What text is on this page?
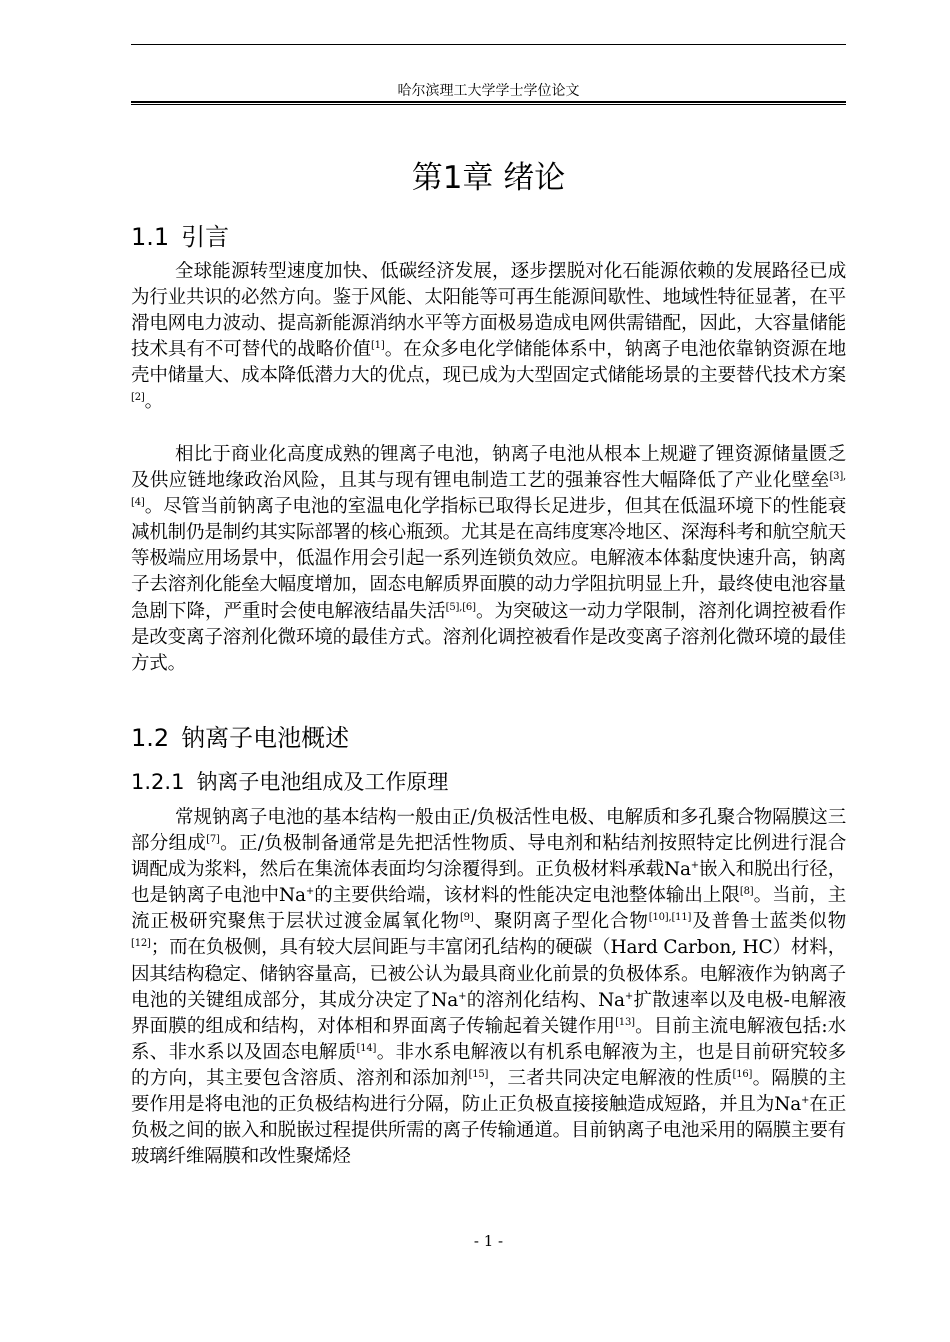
哈尔滨理工大学学士学位论文
第1章 绪论
1.1 引言

全球能源转型速度加快、低碳经济发展，逐步摆脱对化石能源依赖的发展路径已成为行业共识的必然方向。鉴于风能、太阳能等可再生能源间歇性、地域性特征显著，在平滑电网电力波动、提高新能源消纳水平等方面极易造成电网供需错配，因此，大容量储能技术具有不可替代的战略价值[1]。在众多电化学储能体系中，钠离子电池依靠钠资源在地壳中储量大、成本降低潜力大的优点，现已成为大型固定式储能场景的主要替代技术方案[2]。

相比于商业化高度成熟的锂离子电池，钠离子电池从根本上规避了锂资源储量匮乏及供应链地缘政治风险，且其与现有锂电制造工艺的强兼容性大幅降低了产业化壁垒[3],[4]。尽管当前钠离子电池的室温电化学指标已取得长足进步，但其在低温环境下的性能衰减机制仍是制约其实际部署的核心瓶颈。尤其是在高纬度寒冷地区、深海科考和航空航天等极端应用场景中，低温作用会引起一系列连锁负效应。电解液本体黏度快速升高，钠离子去溶剂化能垒大幅度增加，固态电解质界面膜的动力学阻抗明显上升，最终使电池容量急剧下降，严重时会使电解液结晶失活[5],[6]。为突破这一动力学限制，溶剂化调控被看作是改变离子溶剂化微环境的最佳方式。溶剂化调控被看作是改变离子溶剂化微环境的最佳方式。

1.2 钠离子电池概述
1.2.1 钠离子电池组成及工作原理

常规钠离子电池的基本结构一般由正/负极活性电极、电解质和多孔聚合物隔膜这三部分组成[7]。正/负极制备通常是先把活性物质、导电剂和粘结剂按照特定比例进行混合调配成为浆料，然后在集流体表面均匀涂覆得到。正负极材料承载Na+嵌入和脱出行径，也是钠离子电池中Na+的主要供给端，该材料的性能决定电池整体输出上限[8]。当前，主流正极研究聚焦于层状过渡金属氧化物[9]、聚阴离子型化合物[10],[11]及普鲁士蓝类似物[12]；而在负极侧，具有较大层间距与丰富闭孔结构的硬碳（Hard Carbon, HC）材料，因其结构稳定、储钠容量高，已被公认为最具商业化前景的负极体系。电解液作为钠离子电池的关键组成部分，其成分决定了Na+的溶剂化结构、Na+扩散速率以及电极-电解液界面膜的组成和结构，对体相和界面离子传输起着关键作用[13]。目前主流电解液包括:水系、非水系以及固态电解质[14]。非水系电解液以有机系电解液为主，也是目前研究较多的方向，其主要包含溶质、溶剂和添加剂[15]，三者共同决定电解液的性质[16]。隔膜的主要作用是将电池的正负极结构进行分隔，防止正负极直接接触造成短路，并且为Na+在正负极之间的嵌入和脱嵌过程提供所需的离子传输通道。目前钠离子电池采用的隔膜主要有玻璃纤维隔膜和改性聚烯烃

- 1 -
